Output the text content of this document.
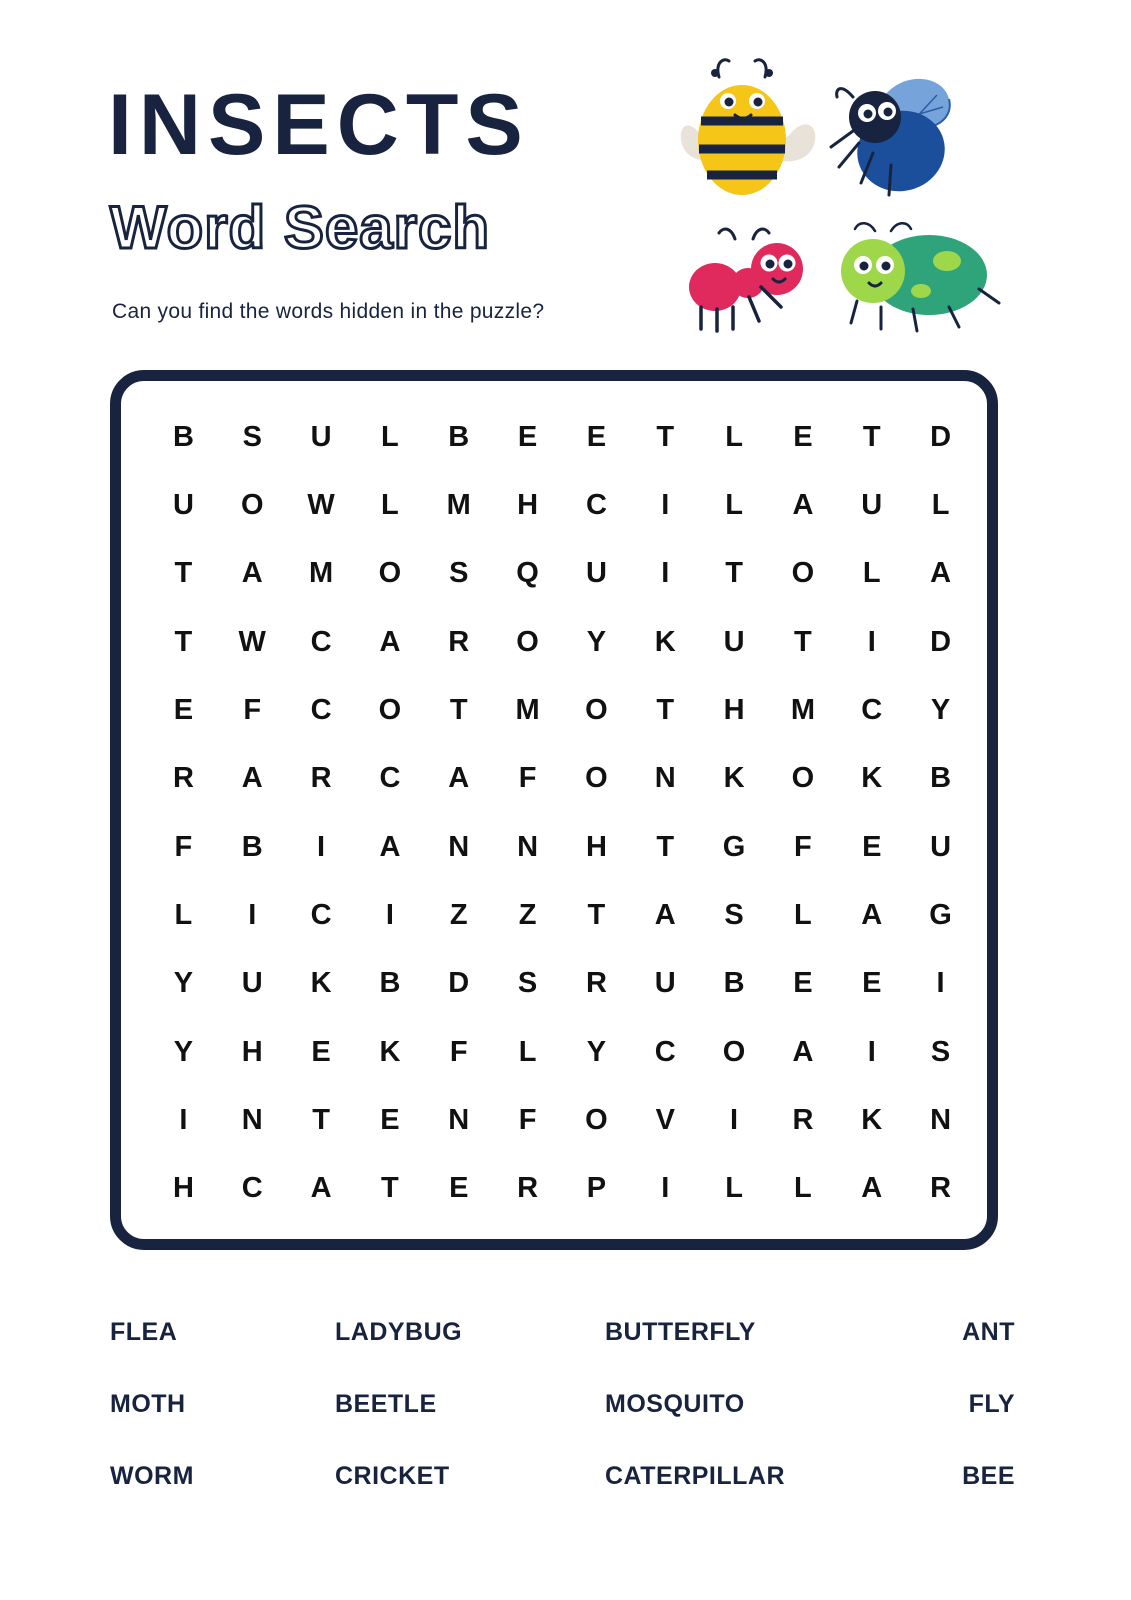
INSECTS
Word Search
Can you find the words hidden in the puzzle?
B	S	U	L	B	E	E	T	L	E	T	D
U	O	W	L	M	H	C	I	L	A	U	L
T	A	M	O	S	Q	U	I	T	O	L	A
T	W	C	A	R	O	Y	K	U	T	I	D
E	F	C	O	T	M	O	T	H	M	C	Y
R	A	R	C	A	F	O	N	K	O	K	B
F	B	I	A	N	N	H	T	G	F	E	U
L	I	C	I	Z	Z	T	A	S	L	A	G
Y	U	K	B	D	S	R	U	B	E	E	I
Y	H	E	K	F	L	Y	C	O	A	I	S
I	N	T	E	N	F	O	V	I	R	K	N
H	C	A	T	E	R	P	I	L	L	A	R
FLEA	LADYBUG	BUTTERFLY	ANT
MOTH	BEETLE	MOSQUITO	FLY
WORM	CRICKET	CATERPILLAR	BEE
